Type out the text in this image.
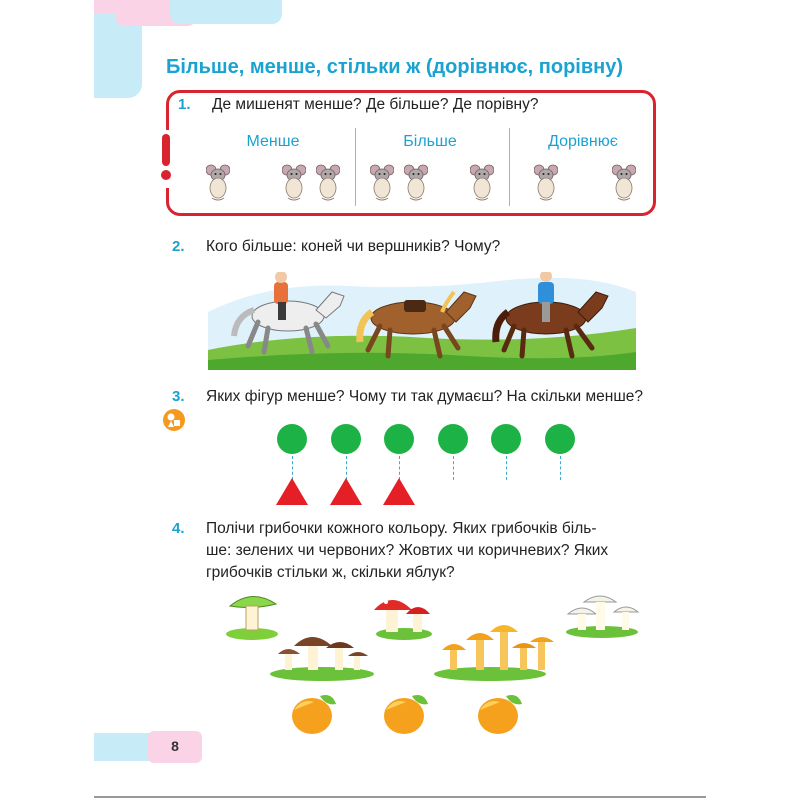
Більше, менше, стільки ж (дорівнює, порівну)
1. Де мишенят менше? Де більше? Де порівну?
Менше	Більше	Дорівнює
2. Кого більше: коней чи вершників? Чому?
3. Яких фігур менше? Чому ти так думаєш? На скільки менше?
4. Полічи грибочки кожного кольору. Яких грибочків біль-
ше: зелених чи червоних? Жовтих чи коричневих? Яких
грибочків стільки ж, скільки яблук?
8
